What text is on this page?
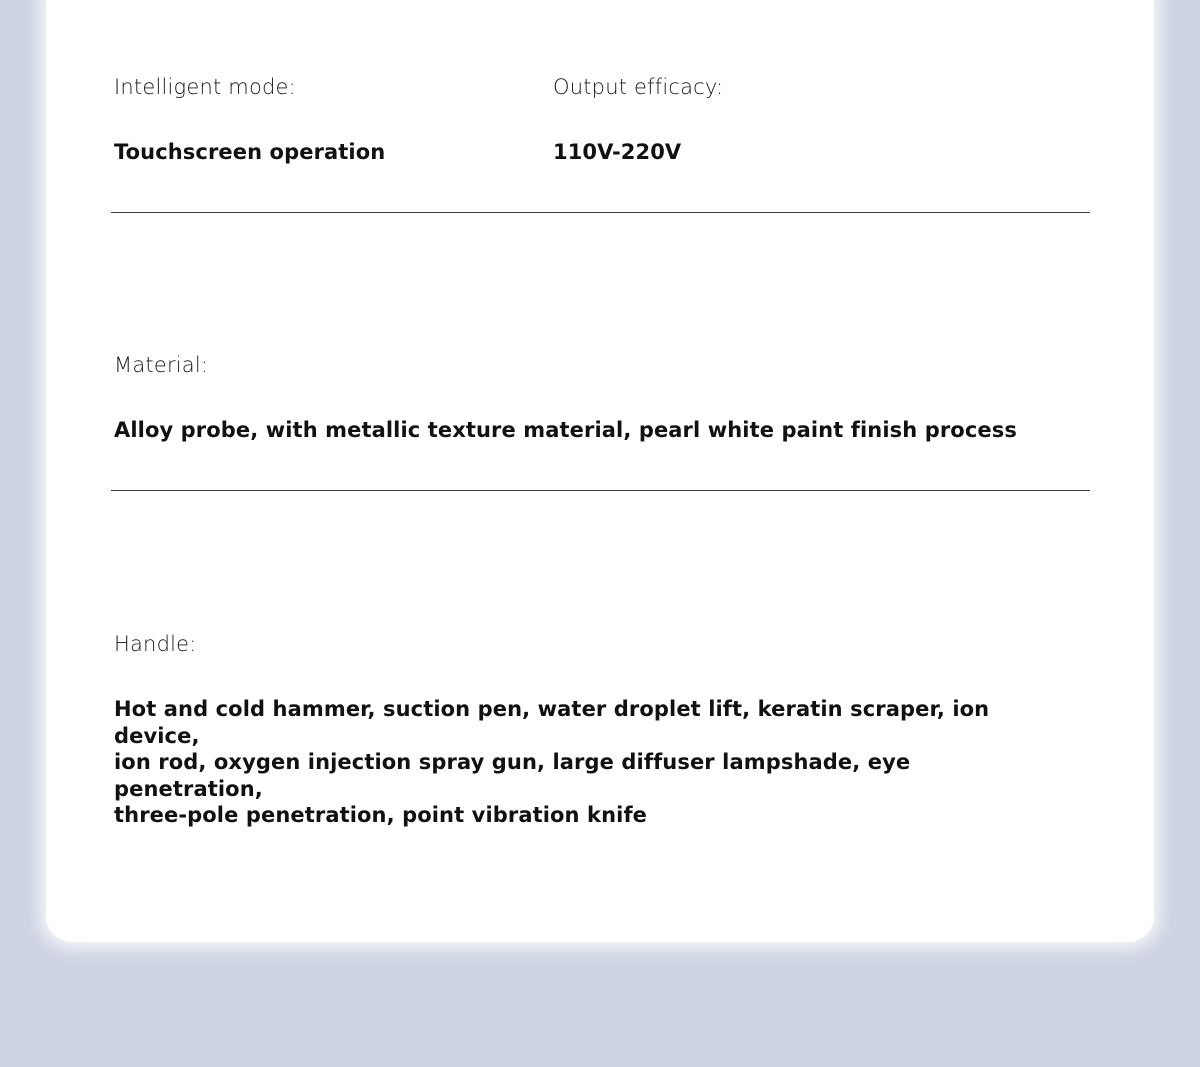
Intelligent mode:
Touchscreen operation
Output efficacy:
110V-220V
Material:
Alloy probe, with metallic texture material, pearl white paint finish process
Handle:
Hot and cold hammer, suction pen, water droplet lift, keratin scraper, ion device,
ion rod, oxygen injection spray gun, large diffuser lampshade, eye penetration,
three-pole penetration, point vibration knife
